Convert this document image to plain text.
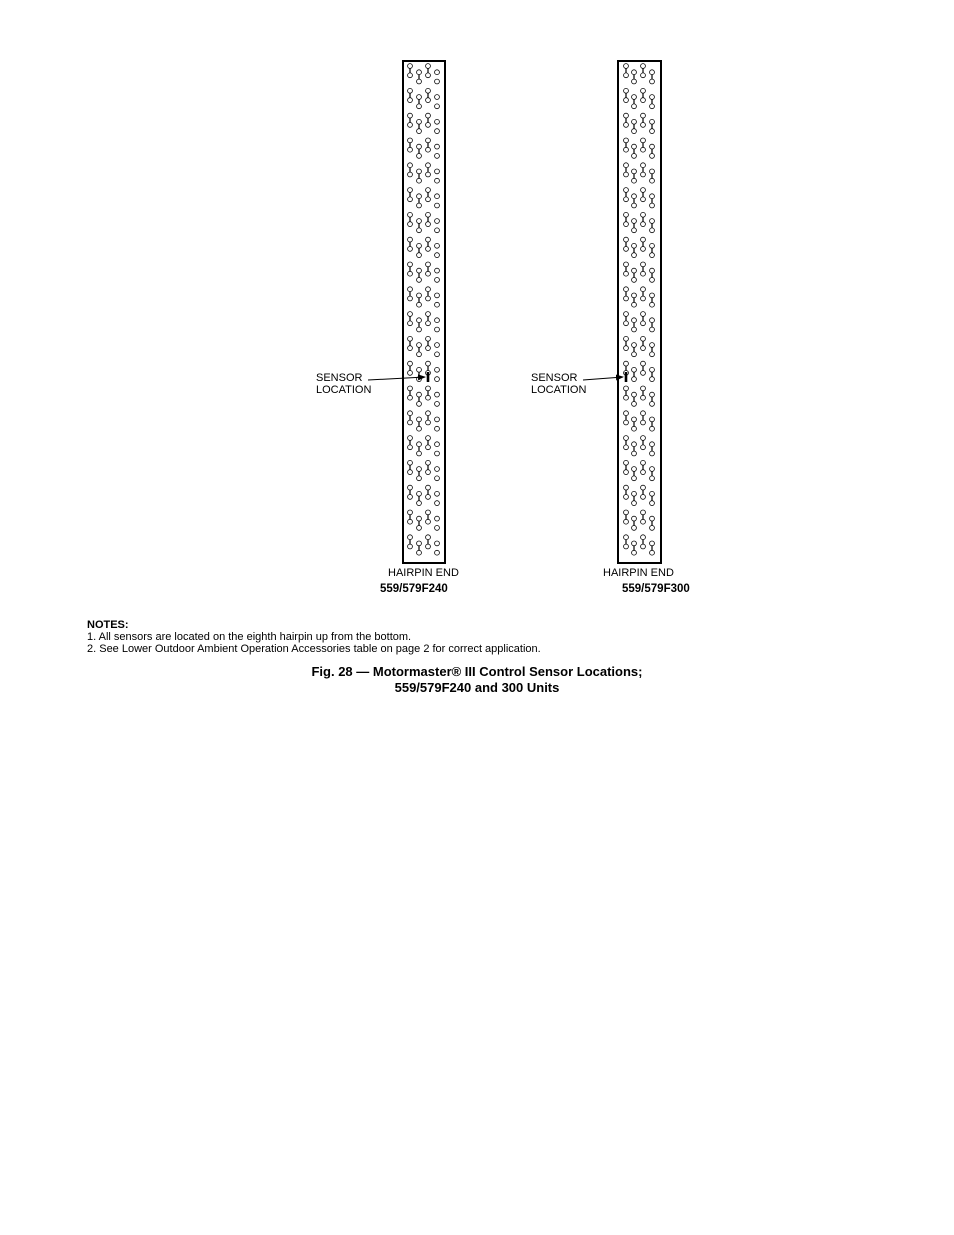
SENSOR
LOCATION
HAIRPIN END
559/579F240
SENSOR
LOCATION
HAIRPIN END
559/579F300
NOTES:
1. All sensors are located on the eighth hairpin up from the bottom.
2. See Lower Outdoor Ambient Operation Accessories table on page 2 for correct application.
Fig. 28 — Motormaster® III Control Sensor Locations;
559/579F240 and 300 Units
